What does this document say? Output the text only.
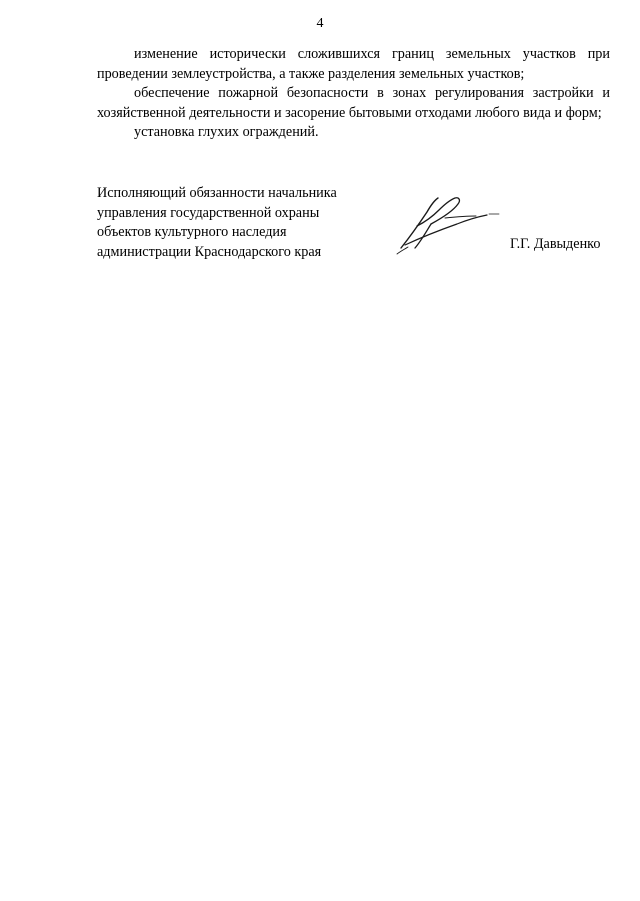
4

изменение исторически сложившихся границ земельных участков при проведении землеустройства, а также разделения земельных участков;

обеспечение пожарной безопасности в зонах регулирования застройки и хозяйственной деятельности и засорение бытовыми отходами любого вида и форм;

установка глухих ограждений.

Исполняющий обязанности начальника
управления государственной охраны
объектов культурного наследия
администрации Краснодарского края	Г.Г. Давыденко
